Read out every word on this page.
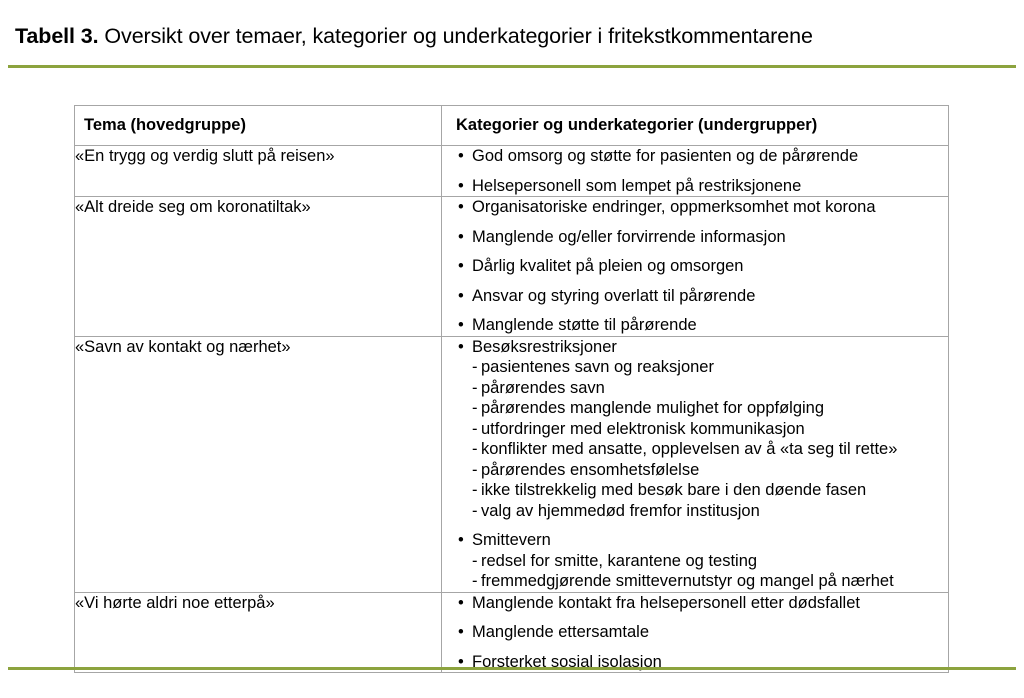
Tabell 3. Oversikt over temaer, kategorier og underkategorier i fritekstkommentarene
Tema (hovedgruppe)	Kategorier og underkategorier (undergrupper)
«En trygg og verdig slutt på reisen»	• God omsorg og støtte for pasienten og de pårørende
• Helsepersonell som lempet på restriksjonene

«Alt dreide seg om koronatiltak»	• Organisatoriske endringer, oppmerksomhet mot korona
• Manglende og/eller forvirrende informasjon
• Dårlig kvalitet på pleien og omsorgen
• Ansvar og styring overlatt til pårørende
• Manglende støtte til pårørende

«Savn av kontakt og nærhet»	• Besøksrestriksjoner
- pasientenes savn og reaksjoner
- pårørendes savn
- pårørendes manglende mulighet for oppfølging
- utfordringer med elektronisk kommunikasjon
- konflikter med ansatte, opplevelsen av å «ta seg til rette»
- pårørendes ensomhetsfølelse
- ikke tilstrekkelig med besøk bare i den døende fasen
- valg av hjemmedød fremfor institusjon
• Smittevern
- redsel for smitte, karantene og testing
- fremmedgjørende smittevernutstyr og mangel på nærhet

«Vi hørte aldri noe etterpå»	• Manglende kontakt fra helsepersonell etter dødsfallet
• Manglende ettersamtale
• Forsterket sosial isolasjon
